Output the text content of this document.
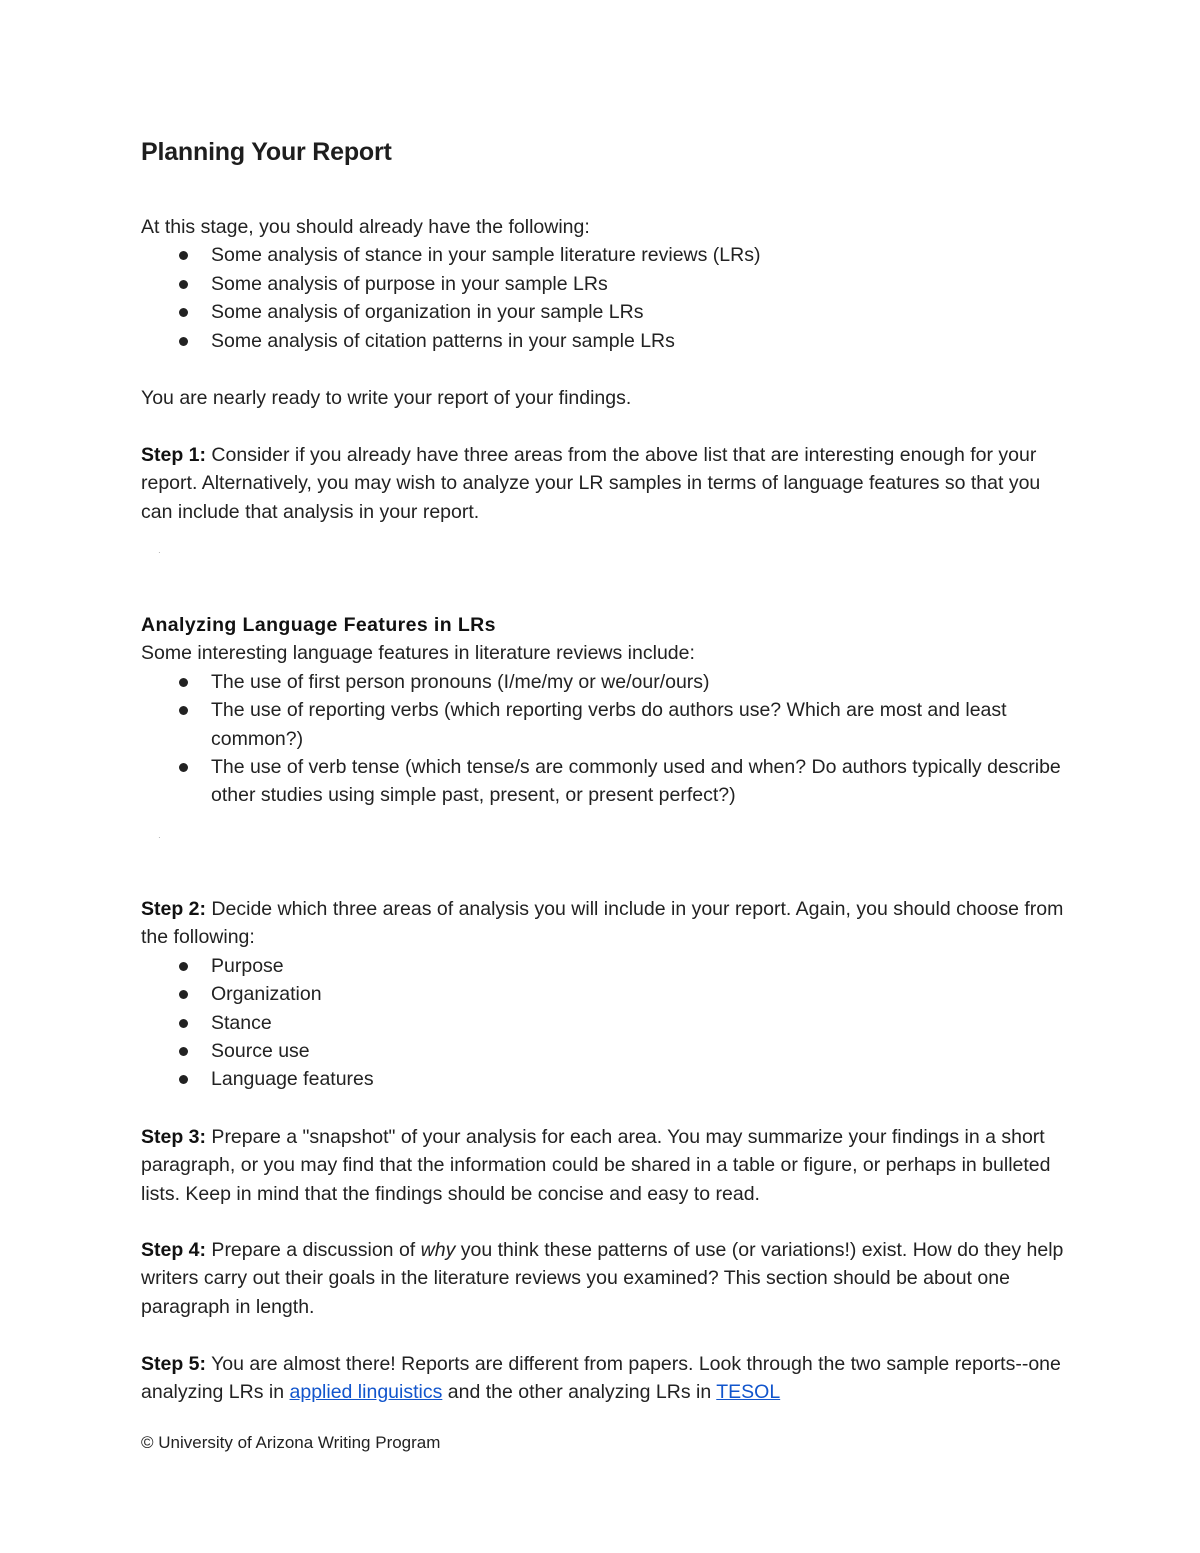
Planning Your Report

At this stage, you should already have the following:

Some analysis of stance in your sample literature reviews (LRs)
Some analysis of purpose in your sample LRs
Some analysis of organization in your sample LRs
Some analysis of citation patterns in your sample LRs

You are nearly ready to write your report of your findings.

Step 1: Consider if you already have three areas from the above list that are interesting enough for your report. Alternatively, you may wish to analyze your LR samples in terms of language features so that you can include that analysis in your report.

·

Analyzing Language Features in LRs

Some interesting language features in literature reviews include:

The use of first person pronouns (I/me/my or we/our/ours)
The use of reporting verbs (which reporting verbs do authors use? Which are most and least common?)
The use of verb tense (which tense/s are commonly used and when? Do authors typically describe other studies using simple past, present, or present perfect?)
·

Step 2: Decide which three areas of analysis you will include in your report. Again, you should choose from the following:

Purpose
Organization
Stance
Source use
Language features

Step 3: Prepare a "snapshot" of your analysis for each area. You may summarize your findings in a short paragraph, or you may find that the information could be shared in a table or figure, or perhaps in bulleted lists. Keep in mind that the findings should be concise and easy to read.

Step 4: Prepare a discussion of why you think these patterns of use (or variations!) exist. How do they help writers carry out their goals in the literature reviews you examined? This section should be about one paragraph in length.

Step 5: You are almost there! Reports are different from papers. Look through the two sample reports--one analyzing LRs in applied linguistics and the other analyzing LRs in TESOL

© University of Arizona Writing Program
